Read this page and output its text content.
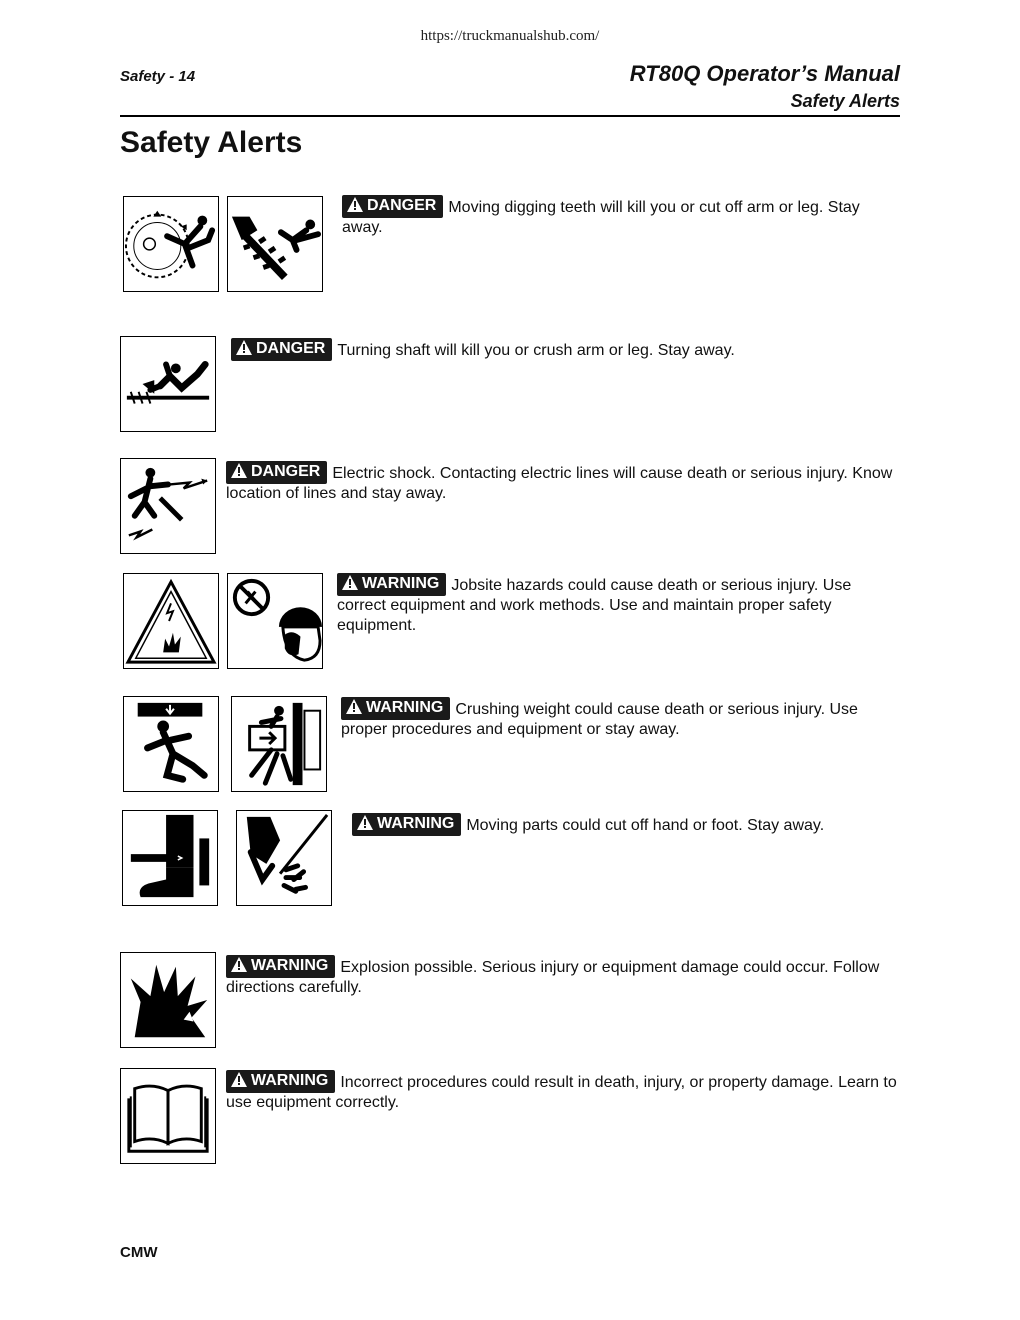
https://truckmanualshub.com/
Safety - 14	RT80Q Operator’s Manual
Safety Alerts
Safety Alerts
DANGER Moving digging teeth will kill you or cut off arm or leg. Stay away.
DANGER Turning shaft will kill you or crush arm or leg. Stay away.
DANGER Electric shock. Contacting electric lines will cause death or serious injury. Know location of lines and stay away.
WARNING Jobsite hazards could cause death or serious injury. Use correct equipment and work methods. Use and maintain proper safety equipment.
WARNING Crushing weight could cause death or serious injury. Use proper procedures and equipment or stay away.
WARNING Moving parts could cut off hand or foot. Stay away.
WARNING Explosion possible. Serious injury or equipment damage could occur. Follow directions carefully.
WARNING Incorrect procedures could result in death, injury, or property damage. Learn to use equipment correctly.
CMW
